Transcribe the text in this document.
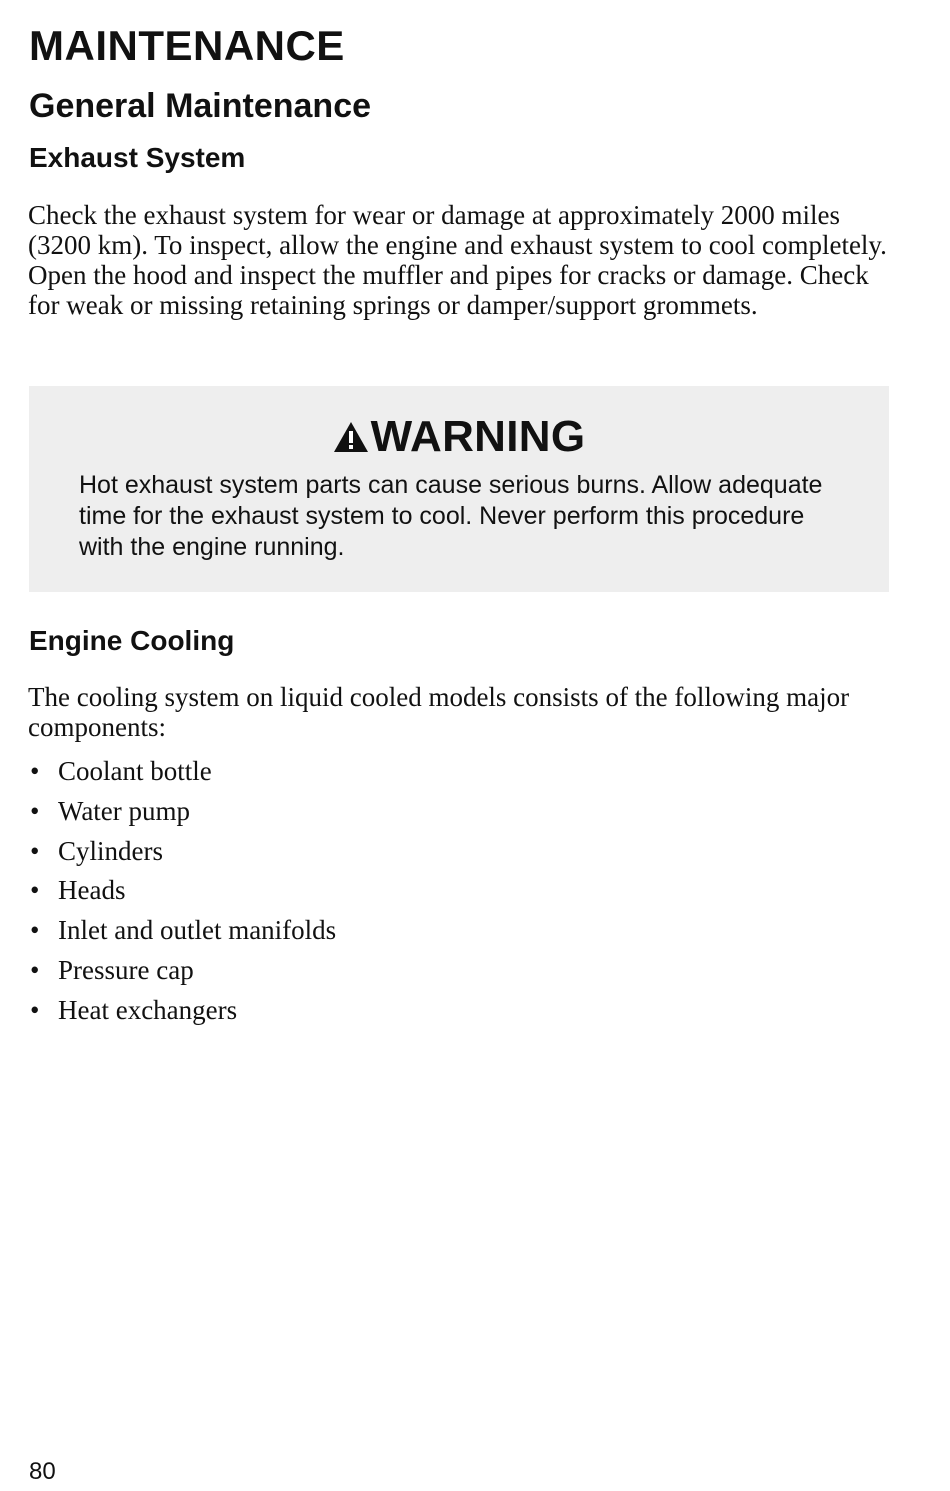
MAINTENANCE
General Maintenance
Exhaust System

Check the exhaust system for wear or damage at approximately 2000 miles (3200 km). To inspect, allow the engine and exhaust system to cool completely. Open the hood and inspect the muffler and pipes for cracks or damage. Check for weak or missing retaining springs or damper/support grommets.

WARNING

Hot exhaust system parts can cause serious burns. Allow adequate time for the exhaust system to cool. Never perform this procedure with the engine running.

Engine Cooling

The cooling system on liquid cooled models consists of the following major components:

• Coolant bottle
• Water pump
• Cylinders
• Heads
• Inlet and outlet manifolds
• Pressure cap
• Heat exchangers
80
